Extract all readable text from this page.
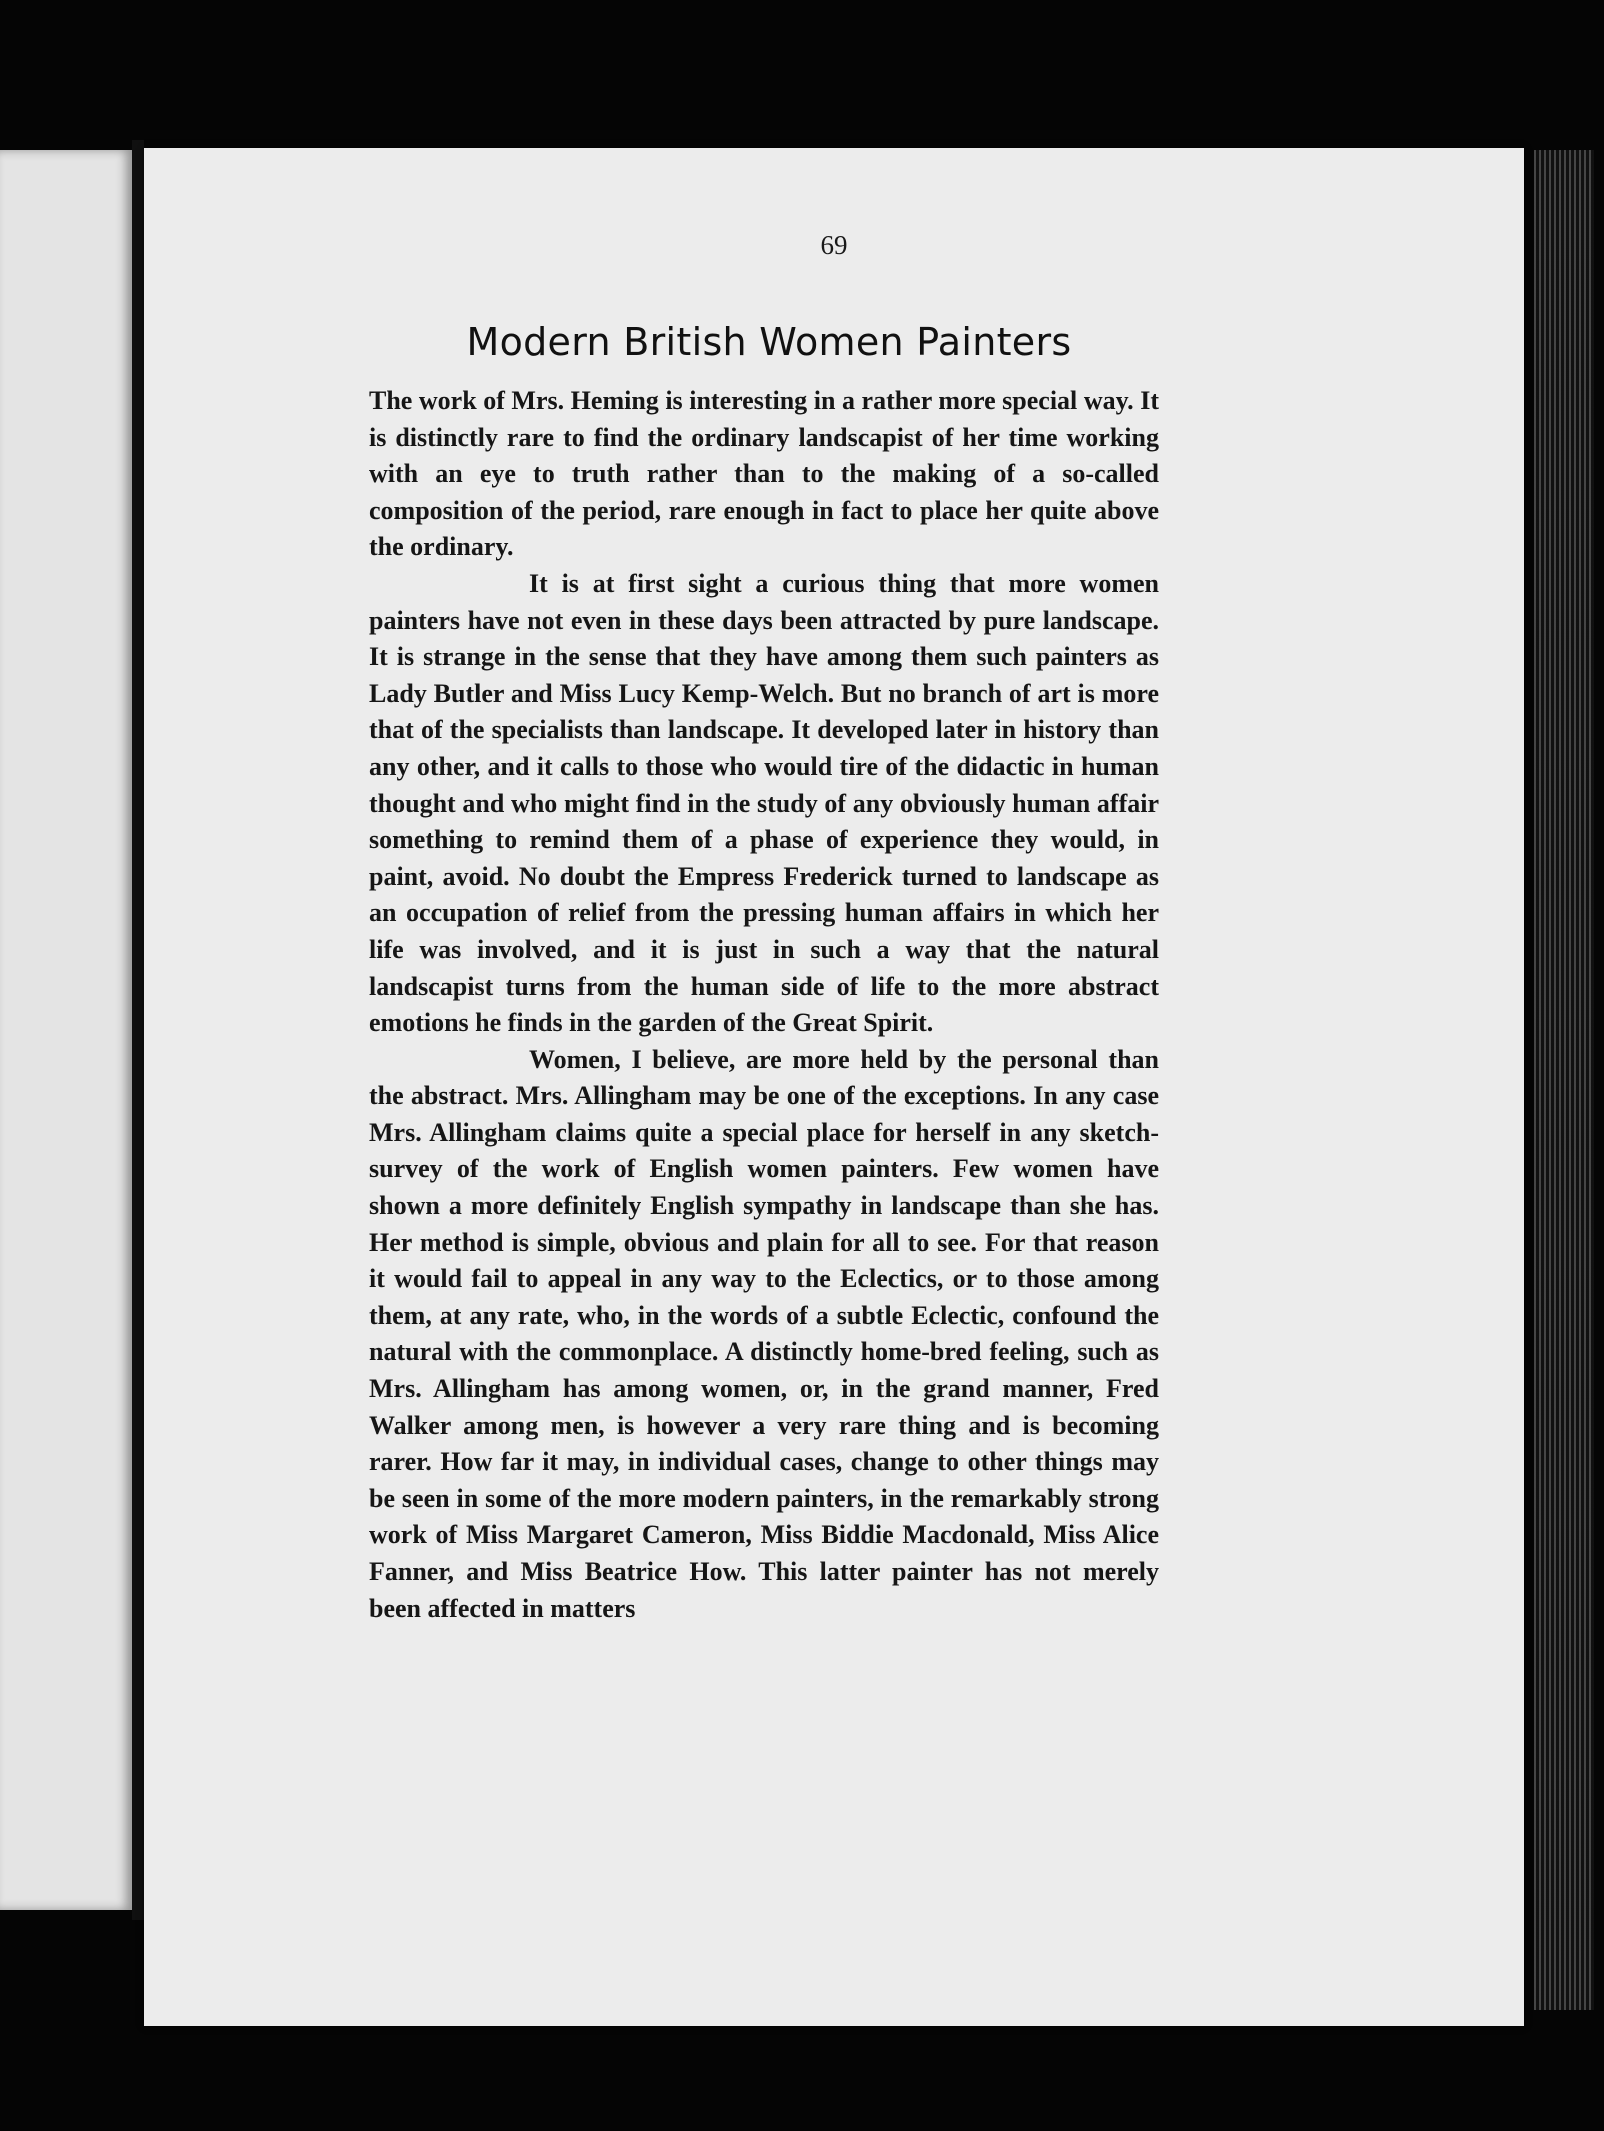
69
Modern British Women Painters

The work of Mrs. Heming is interesting in a rather more special way. It is distinctly rare to find the ordinary landscapist of her time working with an eye to truth rather than to the making of a so-called composition of the period, rare enough in fact to place her quite above the ordinary.

It is at first sight a curious thing that more women painters have not even in these days been attracted by pure landscape. It is strange in the sense that they have among them such painters as Lady Butler and Miss Lucy Kemp-Welch. But no branch of art is more that of the specialists than landscape. It developed later in history than any other, and it calls to those who would tire of the didactic in human thought and who might find in the study of any obviously human affair something to remind them of a phase of experience they would, in paint, avoid. No doubt the Empress Frederick turned to landscape as an occupation of relief from the pressing human affairs in which her life was involved, and it is just in such a way that the natural landscapist turns from the human side of life to the more abstract emotions he finds in the garden of the Great Spirit.

Women, I believe, are more held by the personal than the abstract. Mrs. Allingham may be one of the exceptions. In any case Mrs. Allingham claims quite a special place for herself in any sketch-survey of the work of English women painters. Few women have shown a more definitely English sympathy in landscape than she has. Her method is simple, obvious and plain for all to see. For that reason it would fail to appeal in any way to the Eclectics, or to those among them, at any rate, who, in the words of a subtle Eclectic, confound the natural with the commonplace. A distinctly home-bred feeling, such as Mrs. Allingham has among women, or, in the grand manner, Fred Walker among men, is however a very rare thing and is becoming rarer. How far it may, in individual cases, change to other things may be seen in some of the more modern painters, in the remarkably strong work of Miss Margaret Cameron, Miss Biddie Macdonald, Miss Alice Fanner, and Miss Beatrice How. This latter painter has not merely been affected in matters
